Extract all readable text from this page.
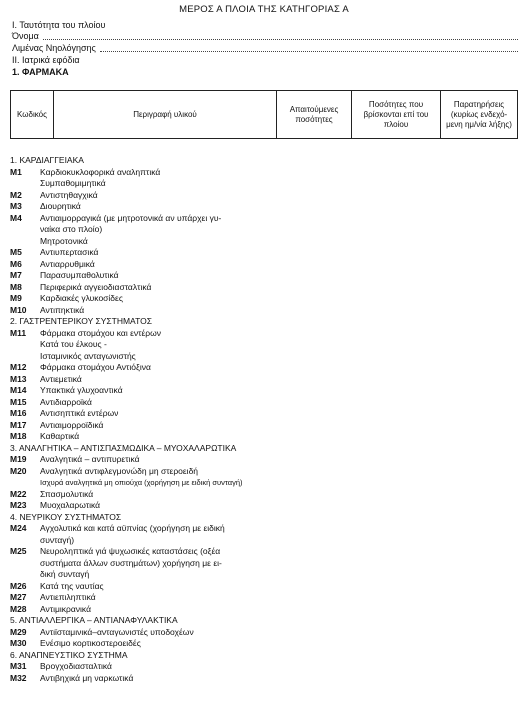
ΜΕΡΟΣ Α ΠΛΟΙΑ ΤΗΣ ΚΑΤΗΓΟΡΙΑΣ Α
Ι. Ταυτότητα του πλοίου
Όνομα
Λιμένας Νηολόγησης
ΙΙ. Ιατρικά εφόδια
1. ΦΑΡΜΑΚΑ
Κωδικός	Περιγραφή υλικού	Απαιτούμενες ποσότητες	Ποσότητες που βρίσκονται επί του πλοίου	Παρατηρήσεις (κυρίως ενδεχό- μενη ημ/νία λήξης)
1. ΚΑΡΔΙΑΓΓΕΙΑΚΑ
Μ1	Καρδιοκυκλοφορικά αναληπτικά
Συμπαθομιμητικά
Μ2	Αντιστηθαγχικά
Μ3	Διουρητικά
Μ4	Αντιαιμορραγικά (με μητροτονικά αν υπάρχει γυ-
ναίκα στο πλοίο)
Μητροτονικά
Μ5	Αντιυπερτασικά
Μ6	Αντιαρρυθμικά
Μ7	Παρασυμπαθολυτικά
Μ8	Περιφερικά αγγειοδιασταλτικά
Μ9	Καρδιακές γλυκοσίδες
Μ10	Αντιπηκτικά
2. ΓΑΣΤΡΕΝΤΕΡΙΚΟΥ ΣΥΣΤΗΜΑΤΟΣ
Μ11	Φάρμακα στομάχου και εντέρων
Κατά του έλκους -
Ισταμινικός ανταγωνιστής
Μ12	Φάρμακα στομάχου Αντιόξινα
Μ13	Αντιεμετικά
Μ14	Υπακτικά γλυχοαντικά
Μ15	Αντιδιαρροϊκά
Μ16	Αντισηπτικά εντέρων
Μ17	Αντιαιμορροϊδικά
Μ18	Καθαρτικά
3. ΑΝΑΛΓΗΤΙΚΑ – ΑΝΤΙΣΠΑΣΜΩΔΙΚΑ – ΜΥΟΧΑΛΑΡΩΤΙΚΑ
Μ19	Αναλγητικά – αντιπυρετικά
Μ20	Αναλγητικά αντιφλεγμονώδη μη στεροειδή
Ισχυρά αναλγητικά μη οπιούχα (χορήγηση με ειδική συνταγή)
Μ22	Σπασμολυτικά
Μ23	Μυοχαλαρωτικά
4. ΝΕΥΡΙΚΟΥ ΣΥΣΤΗΜΑΤΟΣ
Μ24	Αγχολυτικά και κατά αϋπνίας (χορήγηση με ειδική
συνταγή)
Μ25	Νευροληπτικά γιά ψυχωσικές καταστάσεις (οξέα
συστήματα άλλων συστημάτων) χορήγηση με ει-
δική συνταγή
Μ26	Κατά της ναυτίας
Μ27	Αντιεπιληπτικά
Μ28	Αντιμικρανικά
5. ΑΝΤΙΑΛΛΕΡΓΙΚΑ – ΑΝΤΙΑΝΑΦΥΛΑΚΤΙΚΑ
Μ29	Αντιϊσταμινικά–ανταγωνιστές υποδοχέων
Μ30	Ενέσιμο κορτικοστεροειδές
6. ΑΝΑΠΝΕΥΣΤΙΚΟ ΣΥΣΤΗΜΑ
Μ31	Βρογχοδιασταλτικά
Μ32	Αντιβηχικά μη ναρκωτικά
